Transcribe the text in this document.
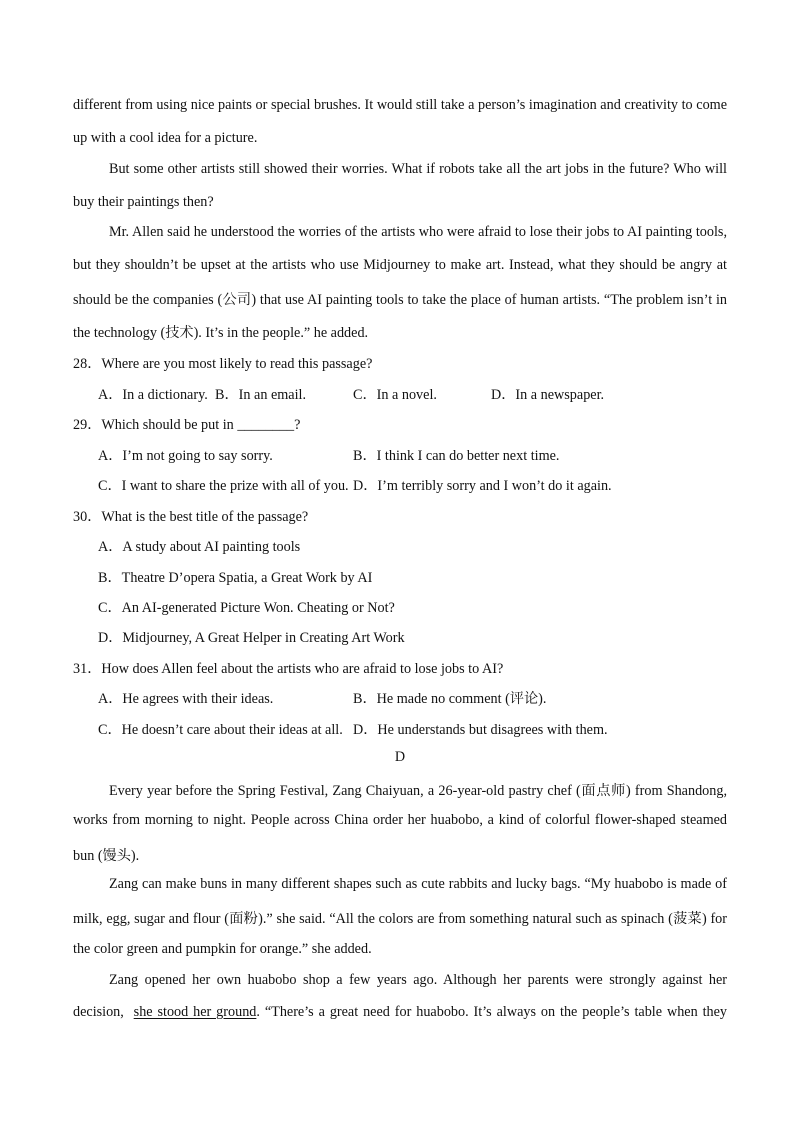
different from using nice paints or special brushes. It would still take a person’s imagination and creativity to come
up with a cool idea for a picture.
But some other artists still showed their worries. What if robots take all the art jobs in the future? Who will
buy their paintings then?
Mr. Allen said he understood the worries of the artists who were afraid to lose their jobs to AI painting tools,
but they shouldn’t be upset at the artists who use Midjourney to make art. Instead, what they should be angry at
should be the companies (公司) that use AI painting tools to take the place of human artists. “The problem isn’t in
the technology (技术). It’s in the people.” he added.
28．Where are you most likely to read this passage?
A．In a dictionary. B．In an email.	C．In a novel.	D．In a newspaper.
29．Which should be put in ________?
A．I’m not going to say sorry.	B．I think I can do better next time.
C．I want to share the prize with all of you. D．I’m terribly sorry and I won’t do it again.
30．What is the best title of the passage?
A．A study about AI painting tools
B．Theatre D’opera Spatia, a Great Work by AI
C．An AI-generated Picture Won. Cheating or Not?
D．Midjourney, A Great Helper in Creating Art Work
31．How does Allen feel about the artists who are afraid to lose jobs to AI?
A．He agrees with their ideas.	B．He made no comment (评论).
C．He doesn’t care about their ideas at all. D．He understands but disagrees with them.
D
Every year before the Spring Festival, Zang Chaiyuan, a 26-year-old pastry chef (面点师) from Shandong,
works from morning to night. People across China order her huabobo, a kind of colorful flower-shaped steamed
bun (馒头).
Zang can make buns in many different shapes such as cute rabbits and lucky bags. “My huabobo is made of
milk, egg, sugar and flour (面粉).” she said. “All the colors are from something natural such as spinach (菠菜) for
the color green and pumpkin for orange.” she added.
Zang opened her own huabobo shop a few years ago. Although her parents were strongly against her
decision, she stood her ground. “There’s a great need for huabobo. It’s always on the people’s table when they
